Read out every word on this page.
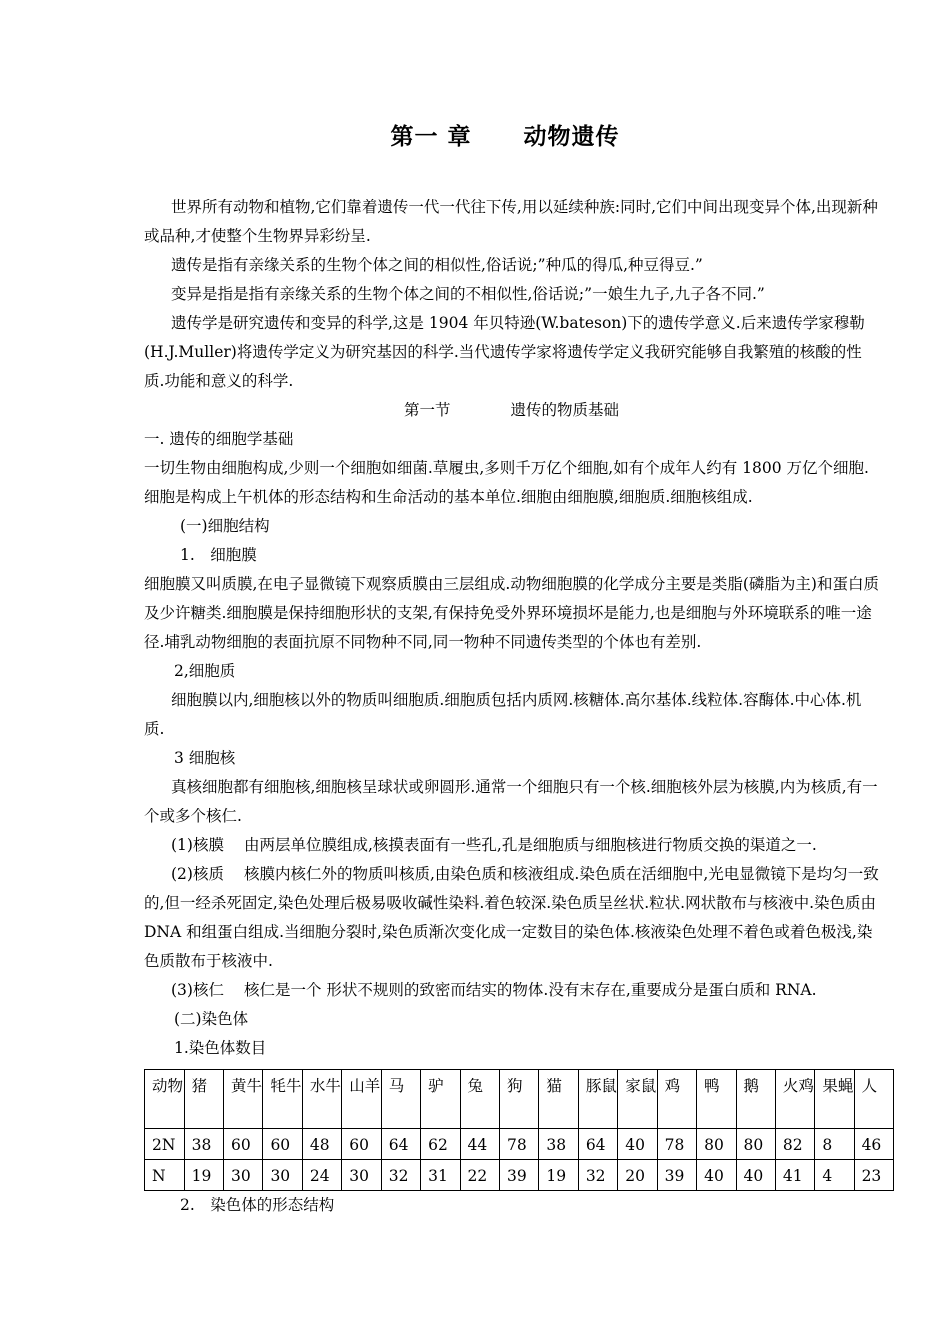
第一 章 动物遗传

世界所有动物和植物,它们靠着遗传一代一代往下传,用以延续种族:同时,它们中间出现变异个体,出现新种或品种,才使整个生物界异彩纷呈.

遗传是指有亲缘关系的生物个体之间的相似性,俗话说;”种瓜的得瓜,种豆得豆.”

变异是指是指有亲缘关系的生物个体之间的不相似性,俗话说;”一娘生九子,九子各不同.”

遗传学是研究遗传和变异的科学,这是 1904 年贝特逊(W.bateson)下的遗传学意义.后来遗传学家穆勒(H.J.Muller)将遗传学定义为研究基因的科学.当代遗传学家将遗传学定义我研究能够自我繁殖的核酸的性质.功能和意义的科学.

第一节	遗传的物质基础

一. 遗传的细胞学基础

一切生物由细胞构成,少则一个细胞如细菌.草履虫,多则千万亿个细胞,如有个成年人约有 1800 万亿个细胞.细胞是构成上午机体的形态结构和生命活动的基本单位.细胞由细胞膜,细胞质.细胞核组成.

(一)细胞结构

1.　细胞膜

细胞膜又叫质膜,在电子显微镜下观察质膜由三层组成.动物细胞膜的化学成分主要是类脂(磷脂为主)和蛋白质及少许糖类.细胞膜是保持细胞形状的支架,有保持免受外界环境损坏是能力,也是细胞与外环境联系的唯一途径.埔乳动物细胞的表面抗原不同物种不同,同一物种不同遗传类型的个体也有差别.

2,细胞质

细胞膜以内,细胞核以外的物质叫细胞质.细胞质包括内质网.核糖体.高尔基体.线粒体.容酶体.中心体.机质.

3 细胞核

真核细胞都有细胞核,细胞核呈球状或卵圆形.通常一个细胞只有一个核.细胞核外层为核膜,内为核质,有一个或多个核仁.

(1)核膜 由两层单位膜组成,核摸表面有一些孔,孔是细胞质与细胞核进行物质交换的渠道之一.

(2)核质 核膜内核仁外的物质叫核质,由染色质和核液组成.染色质在活细胞中,光电显微镜下是均匀一致的,但一经杀死固定,染色处理后极易吸收碱性染料.着色较深.染色质呈丝状.粒状.网状散布与核液中.染色质由 DNA 和组蛋白组成.当细胞分裂时,染色质渐次变化成一定数目的染色体.核液染色处理不着色或着色极浅,染色质散布于核液中.

(3)核仁 核仁是一个 形状不规则的致密而结实的物体.没有末存在,重要成分是蛋白质和 RNA.

(二)染色体

1.染色体数目

动物	猪	黄牛	牦牛	水牛	山羊	马	驴	兔	狗	猫	豚鼠	家鼠	鸡	鸭	鹅	火鸡	果蝇	人
2N	38	60	60	48	60	64	62	44	78	38	64	40	78	80	80	82	8	46
N	19	30	30	24	30	32	31	22	39	19	32	20	39	40	40	41	4	23

2.　染色体的形态结构
